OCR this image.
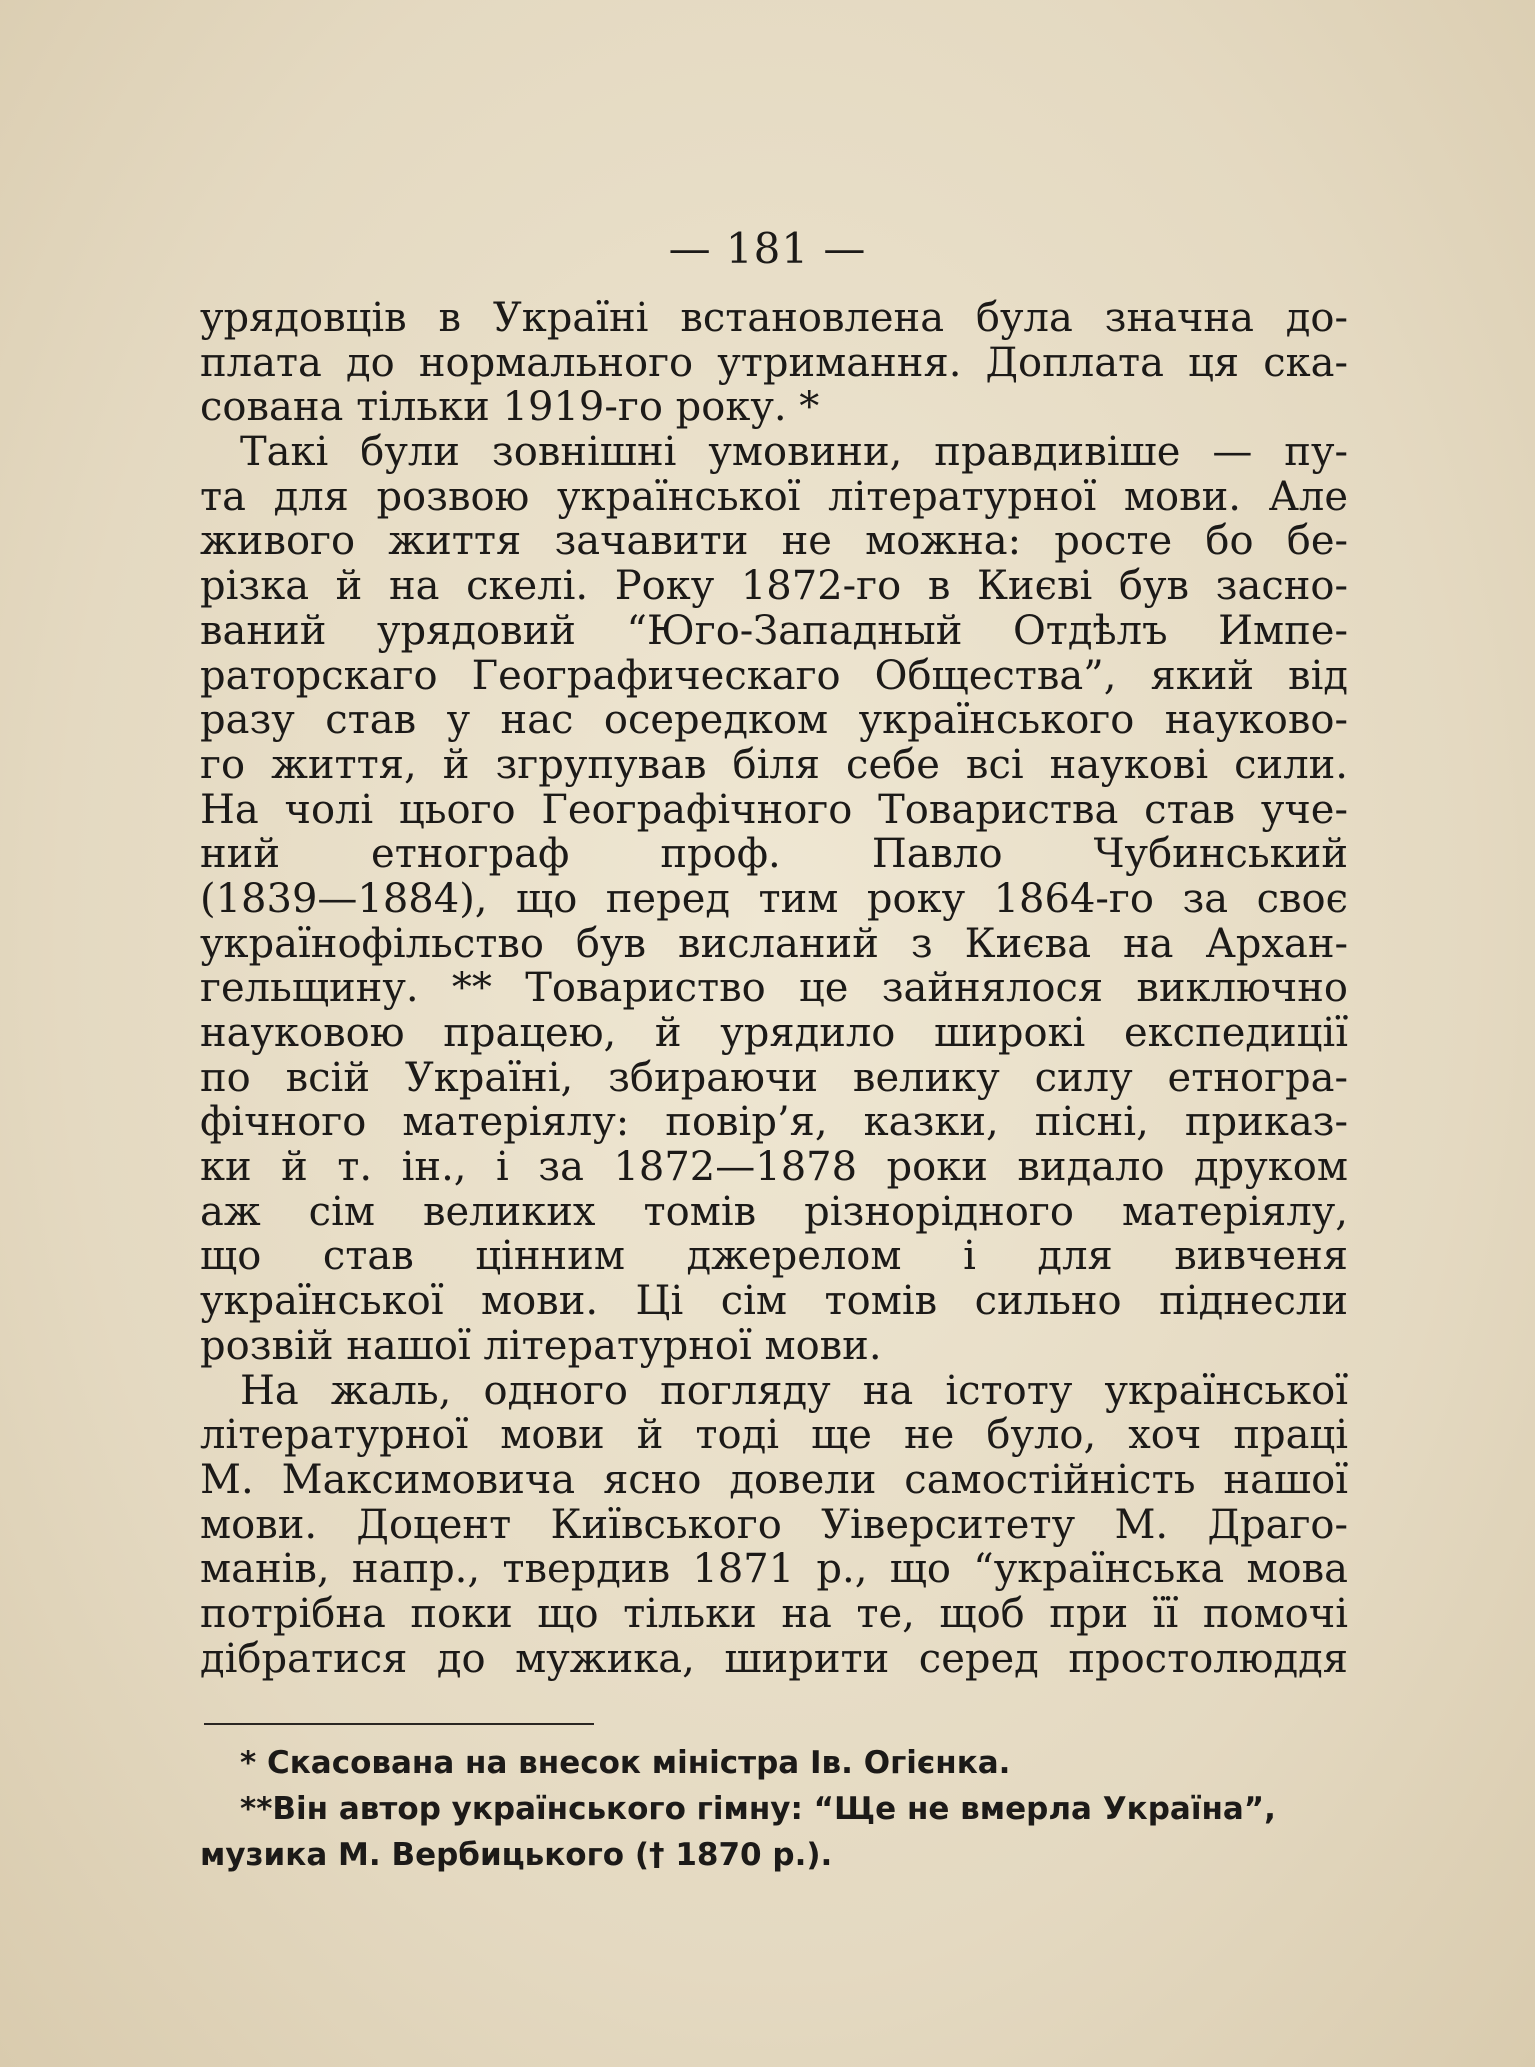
— 181 —
урядовців в Україні встановлена була значна до-
плата до нормального утримання. Доплата ця ска-
сована тільки 1919-го року. *
Такі були зовнішні умовини, правдивіше — пу-
та для розвою української літературної мови. Але
живого життя зачавити не можна: росте бо бе-
різка й на скелі. Року 1872-го в Києві був засно-
ваний урядовий “Юго-Западный Отдѣлъ Импе-
раторскаго Географическаго Общества”, який від
разу став у нас осередком українського науково-
го життя, й згрупував біля себе всі наукові сили.
На чолі цього Географічного Товариства став уче-
ний етнограф проф. Павло Чубинський
(1839—1884), що перед тим року 1864-го за своє
українофільство був висланий з Києва на Архан-
гельщину. ** Товариство це зайнялося виключно
науковою працею, й урядило широкі експедиції
по всій Україні, збираючи велику силу етногра-
фічного матеріялу: повір’я, казки, пісні, приказ-
ки й т. ін., і за 1872—1878 роки видало друком
аж сім великих томів різнорідного матеріялу,
що став цінним джерелом і для вивченя
української мови. Ці сім томів сильно піднесли
розвій нашої літературної мови.
На жаль, одного погляду на істоту української
літературної мови й тоді ще не було, хоч праці
М. Максимовича ясно довели самостійність нашої
мови. Доцент Київського Уіверситету М. Драго-
манів, напр., твердив 1871 р., що “українська мова
потрібна поки що тільки на те, щоб при її помочі
дібратися до мужика, ширити серед простолюддя
* Скасована на внесок міністра Ів. Огієнка.
**Він автор українського гімну: “Ще не вмерла Україна”,
музика М. Вербицького († 1870 р.).
